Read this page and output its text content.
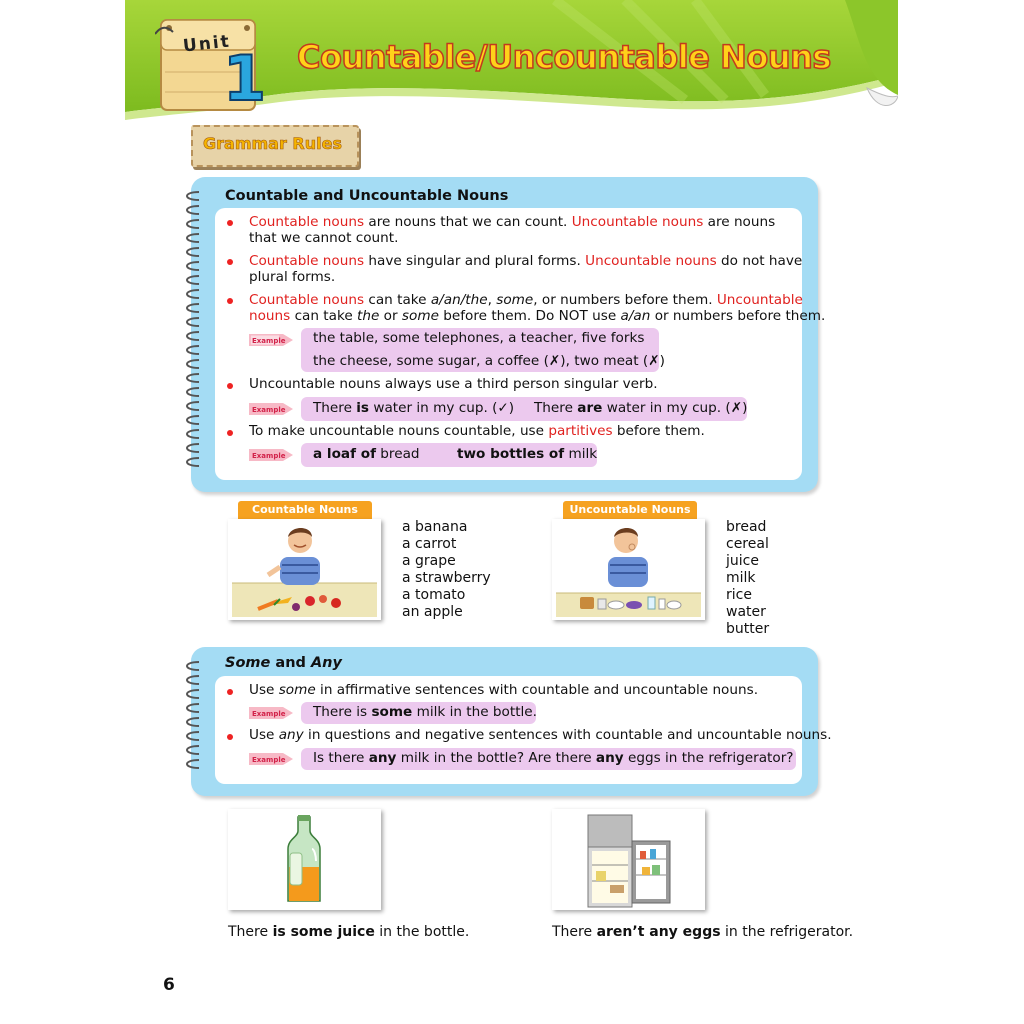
Unit
1 Countable/Uncountable Nouns
Grammar Rules
Countable and Uncountable Nouns
Countable nouns are nouns that we can count. Uncountable nouns are nouns
that we cannot count.
Countable nouns have singular and plural forms. Uncountable nouns do not have
plural forms.
Countable nouns can take a/an/the, some, or numbers before them. Uncountable
nouns can take the or some before them. Do NOT use a/an or numbers before them.
Example the table, some telephones, a teacher, five forks
the cheese, some sugar, a coffee (✗), two meat (✗)
Uncountable nouns always use a third person singular verb.
Example There is water in my cup. (✓) There are water in my cup. (✗)
To make uncountable nouns countable, use partitives before them.
Example a loaf of bread	two bottles of milk
Countable Nouns
a banana
a carrot
a grape
a strawberry
a tomato
an apple
Uncountable Nouns
bread
cereal
juice
milk
rice
water
butter
Some and Any
Use some in affirmative sentences with countable and uncountable nouns.
Example There is some milk in the bottle.
Use any in questions and negative sentences with countable and uncountable nouns.
Example Is there any milk in the bottle? Are there any eggs in the refrigerator?
There is some juice in the bottle.	There aren’t any eggs in the refrigerator.
6
